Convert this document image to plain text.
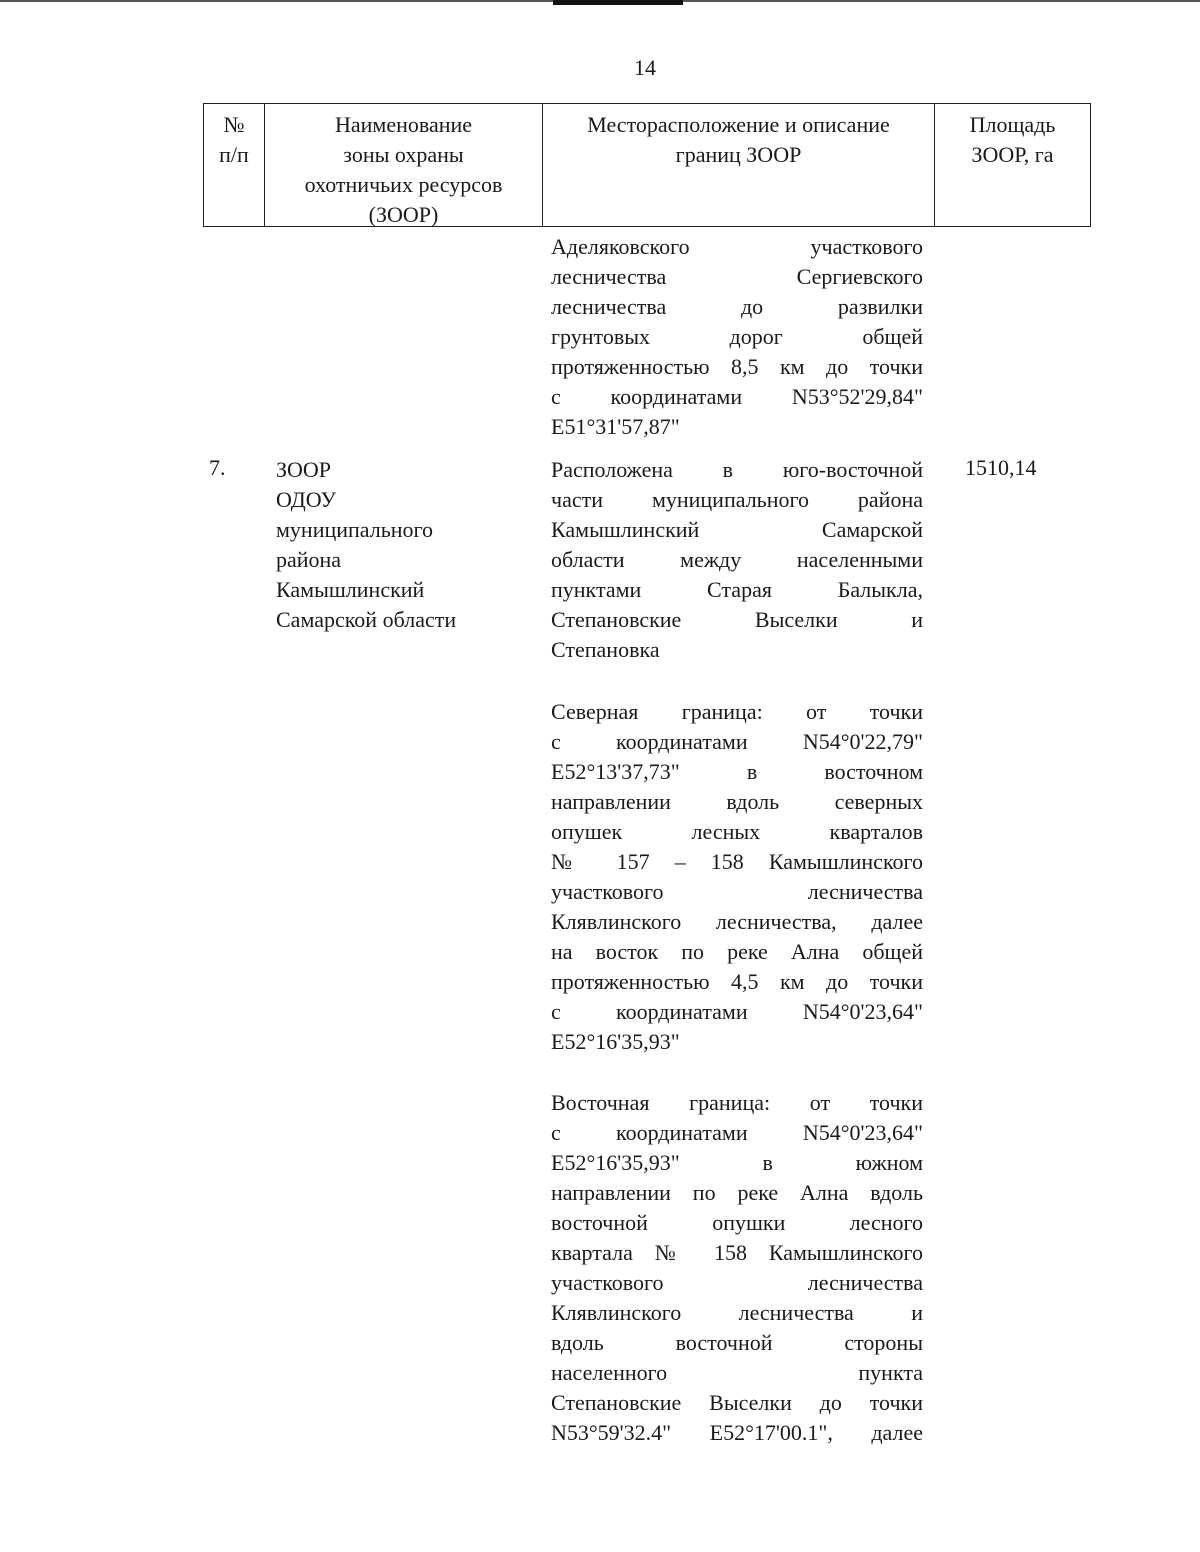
14
№
п/п
Наименование
зоны охраны
охотничьих ресурсов
(ЗООР)
Месторасположение и описание
границ ЗООР
Площадь
ЗООР, га
Аделяковского участкового
лесничества Сергиевского
лесничества до развилки
грунтовых дорог общей
протяженностью 8,5 км до точки
с координатами N53°52'29,84"
E51°31'57,87"
7.	ЗООР
ОДОУ
муниципального
района
Камышлинский
Самарской области
1510,14
Расположена в юго-восточной
части муниципального района
Камышлинский Самарской
области между населенными
пунктами Старая Балыкла,
Степановские Выселки и
Степановка
Северная граница: от точки
с координатами N54°0'22,79"
E52°13'37,73" в восточном
направлении вдоль северных
опушек лесных кварталов
№ 157 – 158 Камышлинского
участкового лесничества
Клявлинского лесничества, далее
на восток по реке Ална общей
протяженностью 4,5 км до точки
с координатами N54°0'23,64"
E52°16'35,93"
Восточная граница: от точки
с координатами N54°0'23,64"
E52°16'35,93" в южном
направлении по реке Ална вдоль
восточной опушки лесного
квартала № 158 Камышлинского
участкового лесничества
Клявлинского лесничества и
вдоль восточной стороны
населенного пункта
Степановские Выселки до точки
N53°59'32.4" E52°17'00.1", далее
